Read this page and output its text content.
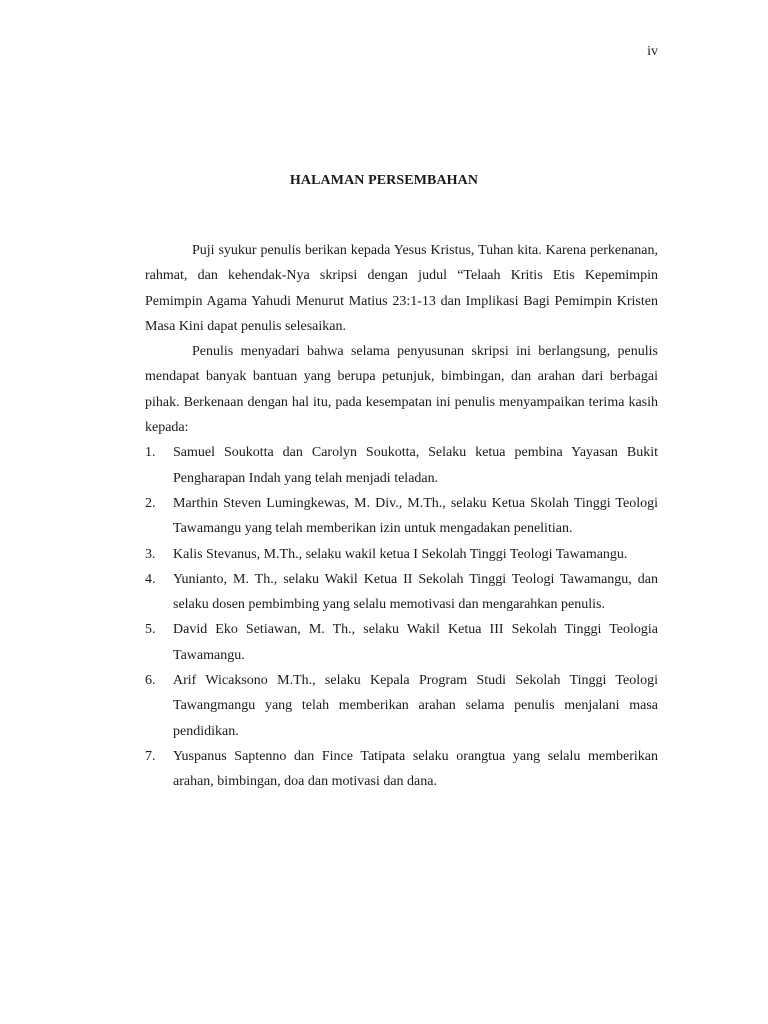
iv
HALAMAN PERSEMBAHAN

Puji syukur penulis berikan kepada Yesus Kristus, Tuhan kita. Karena perkenanan, rahmat, dan kehendak-Nya skripsi dengan judul “Telaah Kritis Etis Kepemimpin Pemimpin Agama Yahudi Menurut Matius 23:1-13 dan Implikasi Bagi Pemimpin Kristen Masa Kini dapat penulis selesaikan.

Penulis menyadari bahwa selama penyusunan skripsi ini berlangsung, penulis mendapat banyak bantuan yang berupa petunjuk, bimbingan, dan arahan dari berbagai pihak. Berkenaan dengan hal itu, pada kesempatan ini penulis menyampaikan terima kasih kepada:

1.	Samuel Soukotta dan Carolyn Soukotta, Selaku ketua pembina Yayasan Bukit Pengharapan Indah yang telah menjadi teladan.
2.	Marthin Steven Lumingkewas, M. Div., M.Th., selaku Ketua Skolah Tinggi Teologi Tawamangu yang telah memberikan izin untuk mengadakan penelitian.
3.	Kalis Stevanus, M.Th., selaku wakil ketua I Sekolah Tinggi Teologi Tawamangu.
4.	Yunianto, M. Th., selaku Wakil Ketua II Sekolah Tinggi Teologi Tawamangu, dan selaku dosen pembimbing yang selalu memotivasi dan mengarahkan penulis.
5.	David Eko Setiawan, M. Th., selaku Wakil Ketua III Sekolah Tinggi Teologia Tawamangu.
6.	Arif Wicaksono M.Th., selaku Kepala Program Studi Sekolah Tinggi Teologi Tawangmangu yang telah memberikan arahan selama penulis menjalani masa pendidikan.
7.	Yuspanus Saptenno dan Fince Tatipata selaku orangtua yang selalu memberikan arahan, bimbingan, doa dan motivasi dan dana.
